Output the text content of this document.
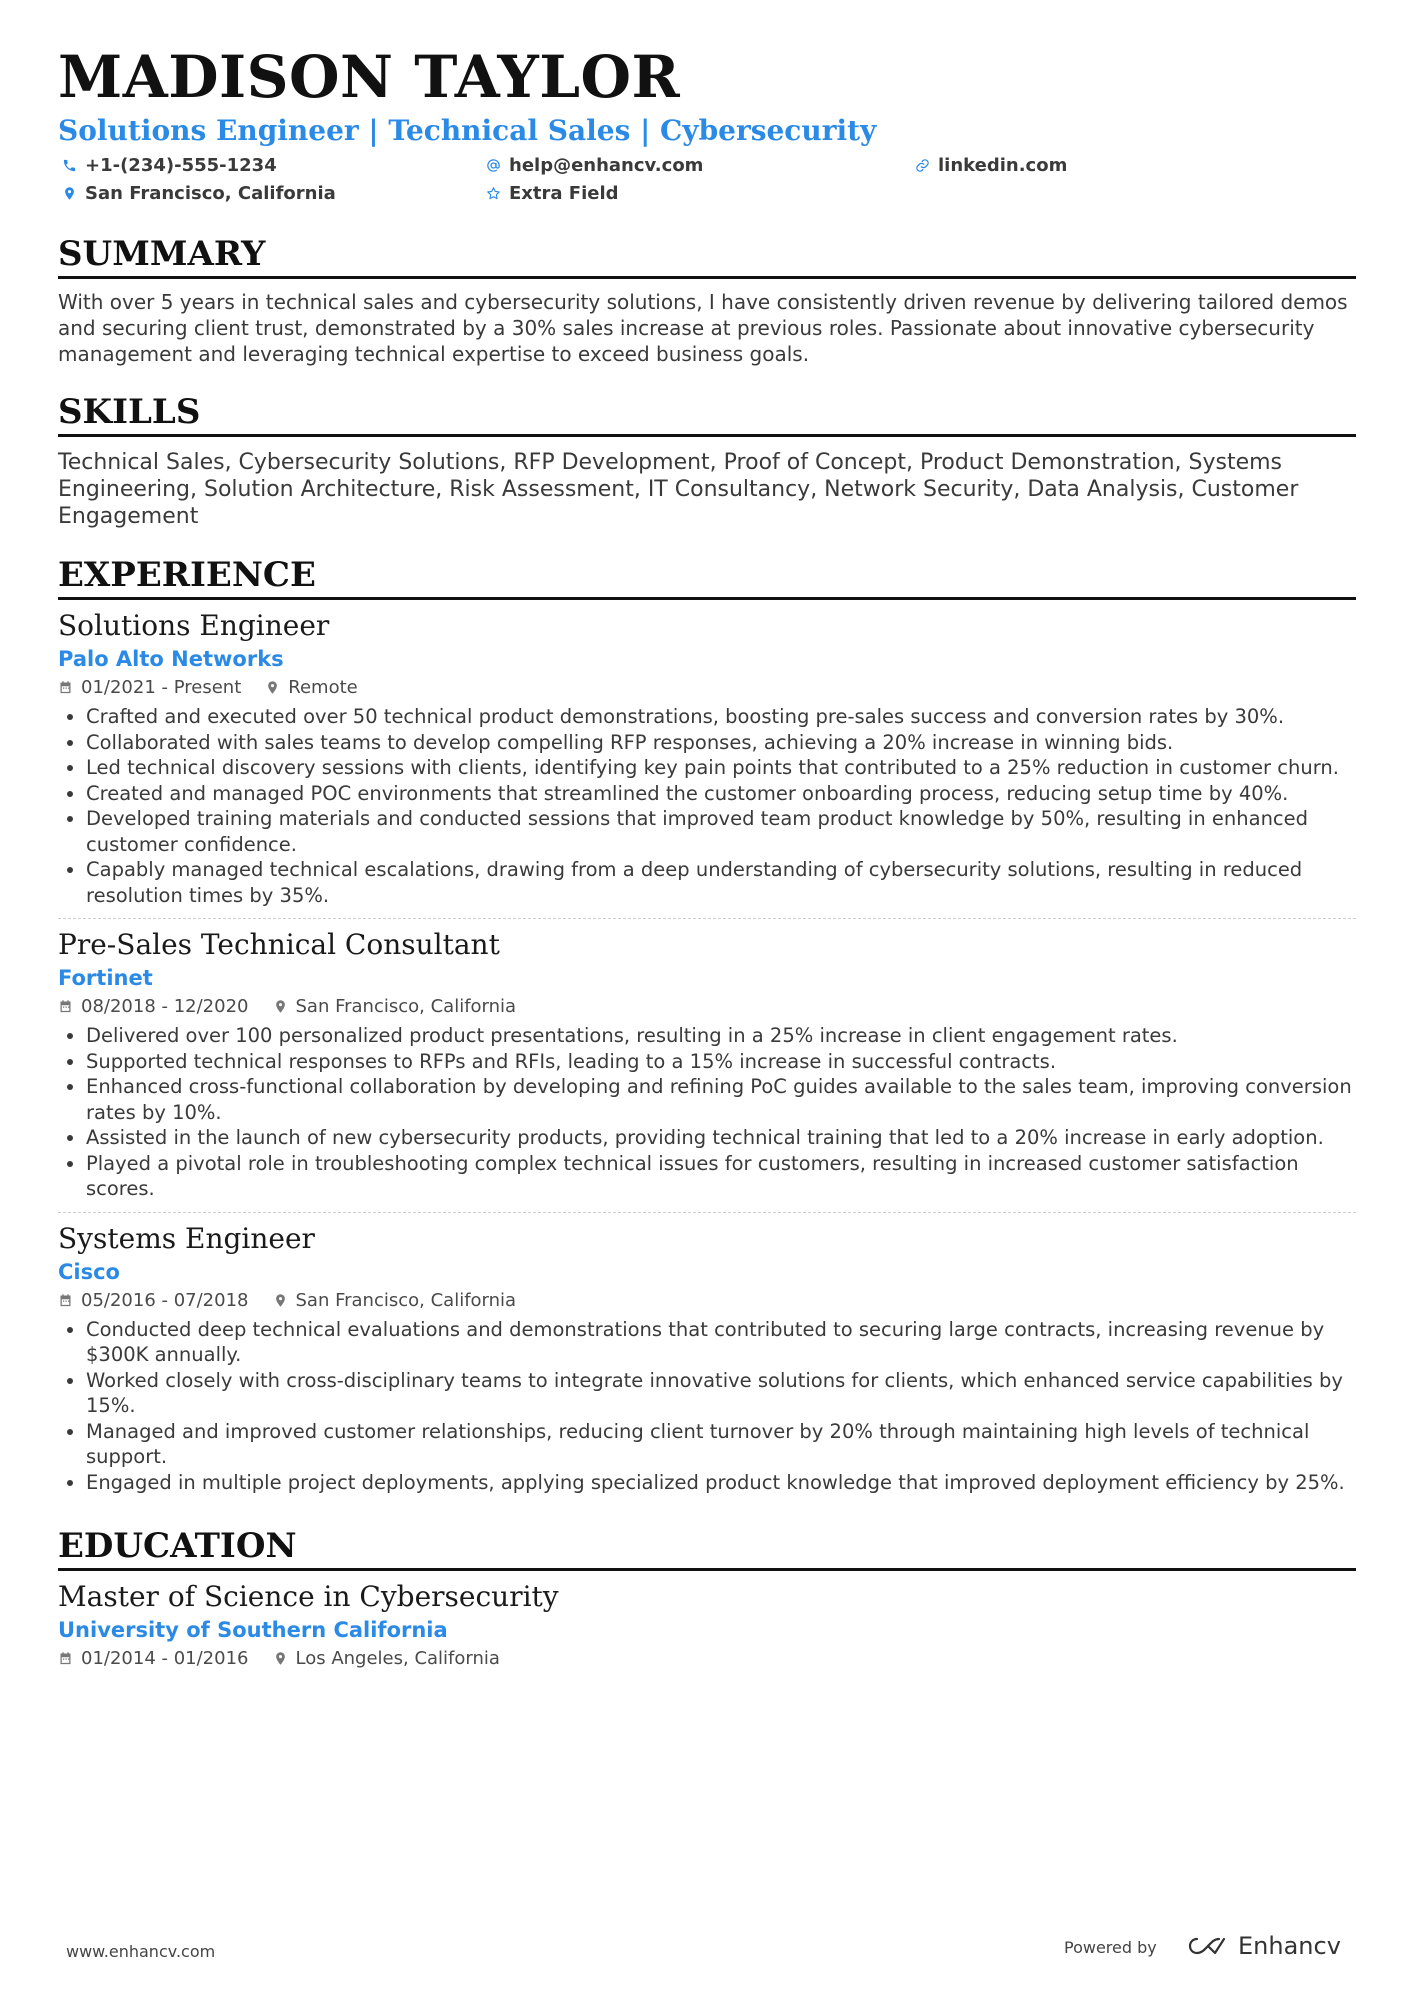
MADISON TAYLOR
Solutions Engineer | Technical Sales | Cybersecurity
+1-(234)-555-1234	help@enhancv.com	linkedin.com
San Francisco, California	Extra Field
SUMMARY
With over 5 years in technical sales and cybersecurity solutions, I have consistently driven revenue by delivering tailored demos and securing client trust, demonstrated by a 30% sales increase at previous roles. Passionate about innovative cybersecurity management and leveraging technical expertise to exceed business goals.
SKILLS
Technical Sales, Cybersecurity Solutions, RFP Development, Proof of Concept, Product Demonstration, Systems Engineering, Solution Architecture, Risk Assessment, IT Consultancy, Network Security, Data Analysis, Customer Engagement
EXPERIENCE
Solutions Engineer
Palo Alto Networks
01/2021 - Present	Remote
• Crafted and executed over 50 technical product demonstrations, boosting pre-sales success and conversion rates by 30%.
• Collaborated with sales teams to develop compelling RFP responses, achieving a 20% increase in winning bids.
• Led technical discovery sessions with clients, identifying key pain points that contributed to a 25% reduction in customer churn.
• Created and managed POC environments that streamlined the customer onboarding process, reducing setup time by 40%.
• Developed training materials and conducted sessions that improved team product knowledge by 50%, resulting in enhanced customer confidence.
• Capably managed technical escalations, drawing from a deep understanding of cybersecurity solutions, resulting in reduced resolution times by 35%.
Pre-Sales Technical Consultant
Fortinet
08/2018 - 12/2020	San Francisco, California
• Delivered over 100 personalized product presentations, resulting in a 25% increase in client engagement rates.
• Supported technical responses to RFPs and RFIs, leading to a 15% increase in successful contracts.
• Enhanced cross-functional collaboration by developing and refining PoC guides available to the sales team, improving conversion rates by 10%.
• Assisted in the launch of new cybersecurity products, providing technical training that led to a 20% increase in early adoption.
• Played a pivotal role in troubleshooting complex technical issues for customers, resulting in increased customer satisfaction scores.
Systems Engineer
Cisco
05/2016 - 07/2018	San Francisco, California
• Conducted deep technical evaluations and demonstrations that contributed to securing large contracts, increasing revenue by $300K annually.
• Worked closely with cross-disciplinary teams to integrate innovative solutions for clients, which enhanced service capabilities by 15%.
• Managed and improved customer relationships, reducing client turnover by 20% through maintaining high levels of technical support.
• Engaged in multiple project deployments, applying specialized product knowledge that improved deployment efficiency by 25%.
EDUCATION
Master of Science in Cybersecurity
University of Southern California
01/2014 - 01/2016	Los Angeles, California
www.enhancv.com	Powered by	Enhancv
